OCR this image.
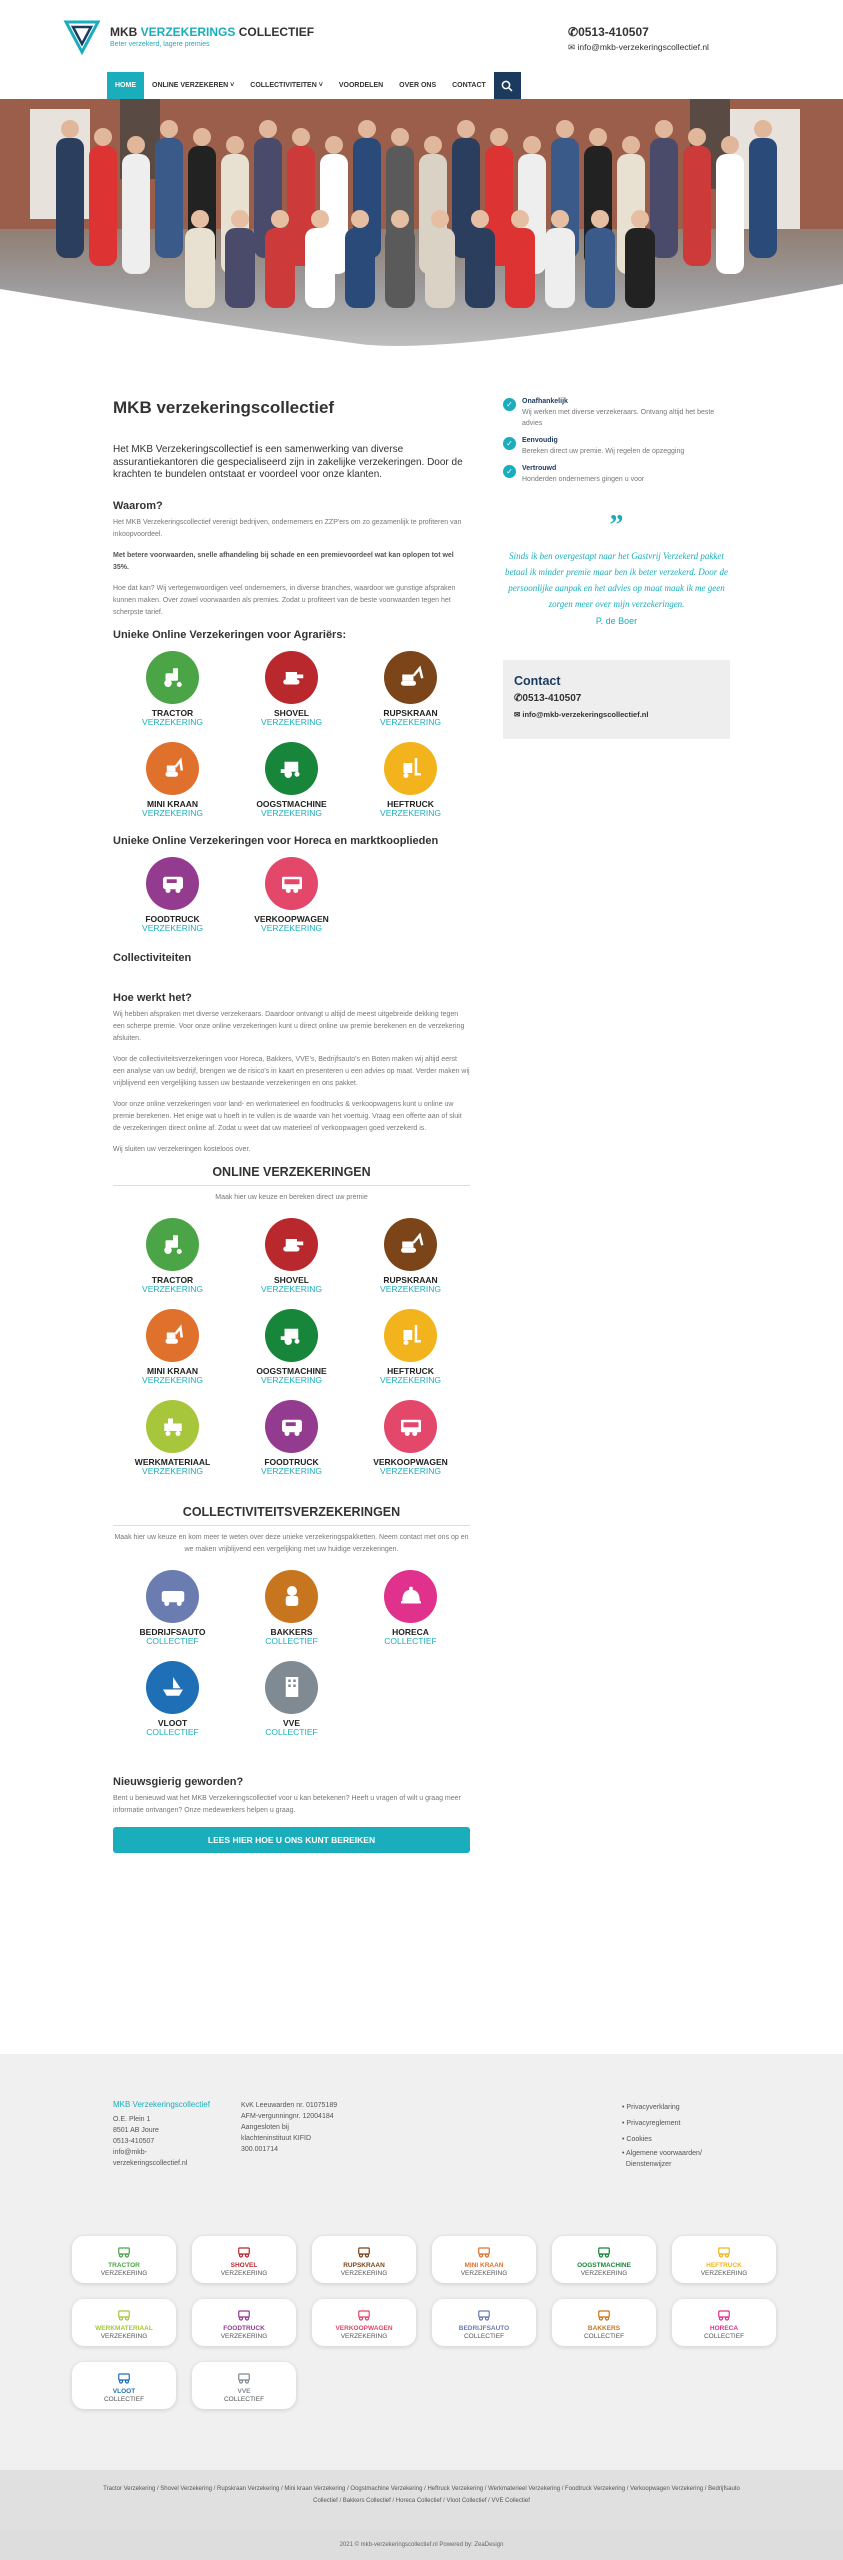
MKB VERZEKERINGS COLLECTIEF
Beter verzekerd, lagere premies
✆0513-410507
✉ info@mkb-verzekeringscollectief.nl
HOME	ONLINE VERZEKEREN ˅	COLLECTIVITEITEN ˅	VOORDELEN	OVER ONS	CONTACT
MKB verzekeringscollectief

Het MKB Verzekeringscollectief is een samenwerking van diverse assurantiekantoren die gespecialiseerd zijn in zakelijke verzekeringen. Door de krachten te bundelen ontstaat er voordeel voor onze klanten.

Waarom?

Het MKB Verzekeringscollectief verenigt bedrijven, ondernemers en ZZP'ers om zo gezamenlijk te profiteren van inkoopvoordeel.

Met betere voorwaarden, snelle afhandeling bij schade en een premievoordeel wat kan oplopen tot wel 35%.

Hoe dat kan? Wij vertegenwoordigen veel ondernemers, in diverse branches, waardoor we gunstige afspraken kunnen maken. Over zowel voorwaarden als premies. Zodat u profiteert van de beste voorwaarden tegen het scherpste tarief.

Unieke Online Verzekeringen voor Agrariërs:
TRACTOR
VERZEKERING
SHOVEL
VERZEKERING
RUPSKRAAN
VERZEKERING
MINI KRAAN
VERZEKERING
OOGSTMACHINE
VERZEKERING
HEFTRUCK
VERZEKERING
Unieke Online Verzekeringen voor Horeca en marktkooplieden
FOODTRUCK
VERZEKERING
VERKOOPWAGEN
VERZEKERING
Collectiviteiten
Hoe werkt het?

Wij hebben afspraken met diverse verzekeraars. Daardoor ontvangt u altijd de meest uitgebreide dekking tegen een scherpe premie. Voor onze online verzekeringen kunt u direct online uw premie berekenen en de verzekering afsluiten.

Voor de collectiviteitsverzekeringen voor Horeca, Bakkers, VVE's, Bedrijfsauto's en Boten maken wij altijd eerst een analyse van uw bedrijf, brengen we de risico's in kaart en presenteren u een advies op maat. Verder maken wij vrijblijvend een vergelijking tussen uw bestaande verzekeringen en ons pakket.

Voor onze online verzekeringen voor land- en werkmaterieel en foodtrucks & verkoopwagens kunt u online uw premie berekenen. Het enige wat u hoeft in te vullen is de waarde van het voertuig. Vraag een offerte aan of sluit de verzekeringen direct online af. Zodat u weet dat uw materieel of verkoopwagen goed verzekerd is.

Wij sluiten uw verzekeringen kosteloos over.

ONLINE VERZEKERINGEN
Maak hier uw keuze en bereken direct uw premie
TRACTOR
VERZEKERING
SHOVEL
VERZEKERING
RUPSKRAAN
VERZEKERING
MINI KRAAN
VERZEKERING
OOGSTMACHINE
VERZEKERING
HEFTRUCK
VERZEKERING
WERKMATERIAAL
VERZEKERING
FOODTRUCK
VERZEKERING
VERKOOPWAGEN
VERZEKERING
COLLECTIVITEITSVERZEKERINGEN
Maak hier uw keuze en kom meer te weten over deze unieke verzekeringspakketten. Neem contact met ons op en we maken vrijblijvend een vergelijking met uw huidige verzekeringen.
BEDRIJFSAUTO
COLLECTIEF
BAKKERS
COLLECTIEF
HORECA
COLLECTIEF
VLOOT
COLLECTIEF
VVE
COLLECTIEF
Nieuwsgierig geworden?

Bent u benieuwd wat het MKB Verzekeringscollectief voor u kan betekenen? Heeft u vragen of wilt u graag meer informatie ontvangen? Onze medewerkers helpen u graag.

LEES HIER HOE U ONS KUNT BEREIKEN
✓	Onafhankelijk
Wij werken met diverse verzekeraars. Ontvang altijd het beste advies
✓	Eenvoudig
Bereken direct uw premie. Wij regelen de opzegging
✓	Vertrouwd
Honderden ondernemers gingen u voor
”
Sinds ik ben overgestapt naar het Gastvrij Verzekerd pakket betaal ik minder premie maar ben ik beter verzekerd. Door de persoonlijke aanpak en het advies op maat maak ik me geen zorgen meer over mijn verzekeringen.
P. de Boer
Contact
✆0513-410507
✉ info@mkb-verzekeringscollectief.nl
MKB Verzekeringscollectief
O.E. Plein 1
8501 AB Joure
0513-410507
info@mkb-
verzekeringscollectief.nl
KvK Leeuwarden nr. 01075189
AFM-vergunningnr. 12004184
Aangesloten bij
klachteninstituut KIFID
300.001714
• Privacyverklaring
• Privacyreglement
• Cookies
• Algemene voorwaarden/
Dienstenwijzer
TRACTOR
VERZEKERING
SHOVEL
VERZEKERING
RUPSKRAAN
VERZEKERING
MINI KRAAN
VERZEKERING
OOGSTMACHINE
VERZEKERING
HEFTRUCK
VERZEKERING
WERKMATERIAAL
VERZEKERING
FOODTRUCK
VERZEKERING
VERKOOPWAGEN
VERZEKERING
BEDRIJFSAUTO
COLLECTIEF
BAKKERS
COLLECTIEF
HORECA
COLLECTIEF
VLOOT
COLLECTIEF
VVE
COLLECTIEF
Tractor Verzekering / Shovel Verzekering / Rupskraan Verzekering / Mini kraan Verzekering / Oogstmachine Verzekering / Heftruck Verzekering / Werkmaterieel Verzekering / Foodtruck Verzekering / Verkoopwagen Verzekering / Bedrijfsauto Collectief / Bakkers Collectief / Horeca Collectief / Vloot Collectief / VVE Collectief
2021 © mkb-verzekeringscollectief.nl Powered by: ZeaDesign
